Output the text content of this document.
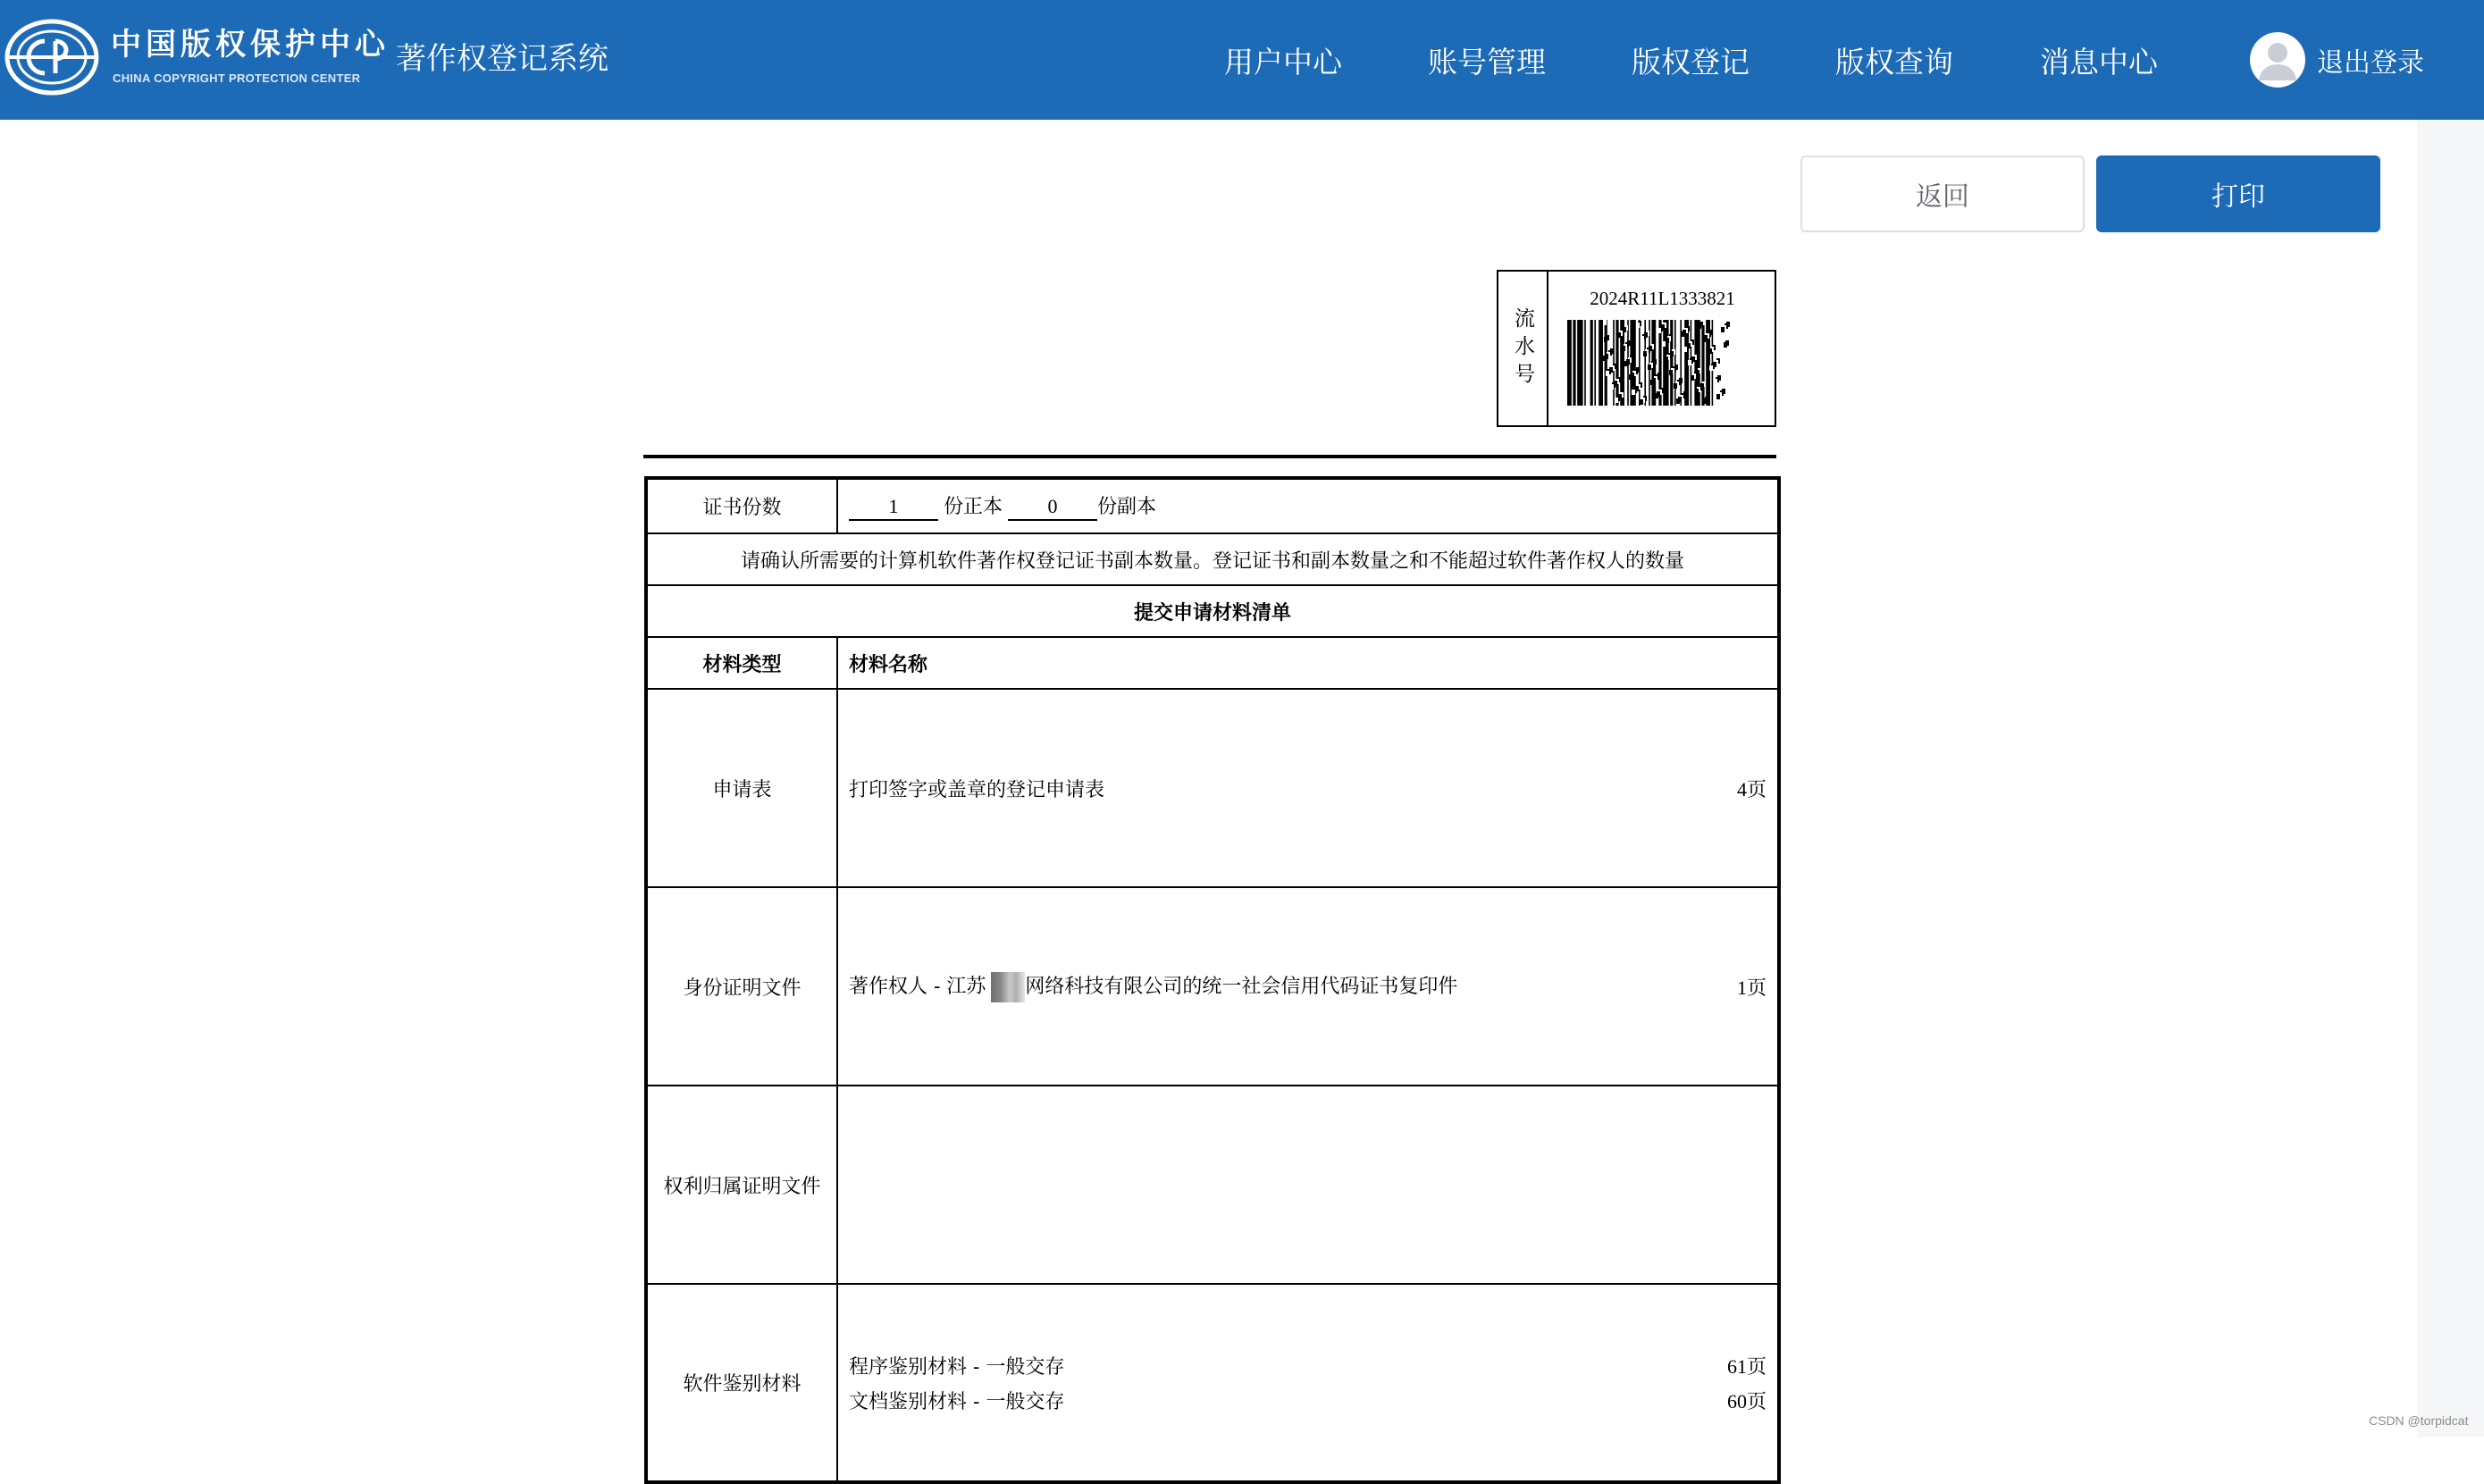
中国版权保护中心
CHINA COPYRIGHT PROTECTION CENTER
著作权登记系统	用户中心	账号管理	版权登记	版权查询	消息中心	退出登录
返回	打印
流水号
2024R11L1333821
证书份数	1 份正本 0 份副本
请确认所需要的计算机软件著作权登记证书副本数量。登记证书和副本数量之和不能超过软件著作权人的数量	
提交申请材料清单	
材料类型	材料名称
申请表	打印签字或盖章的登记申请表 4页

身份证明文件	著作权人 - 江苏 网络科技有限公司的统一社会信用代码证书复印件 1页

权利归属证明文件	
软件鉴别材料	程序鉴别材料 - 一般交存 61页
文档鉴别材料 - 一般交存 60页
CSDN @torpidcat
